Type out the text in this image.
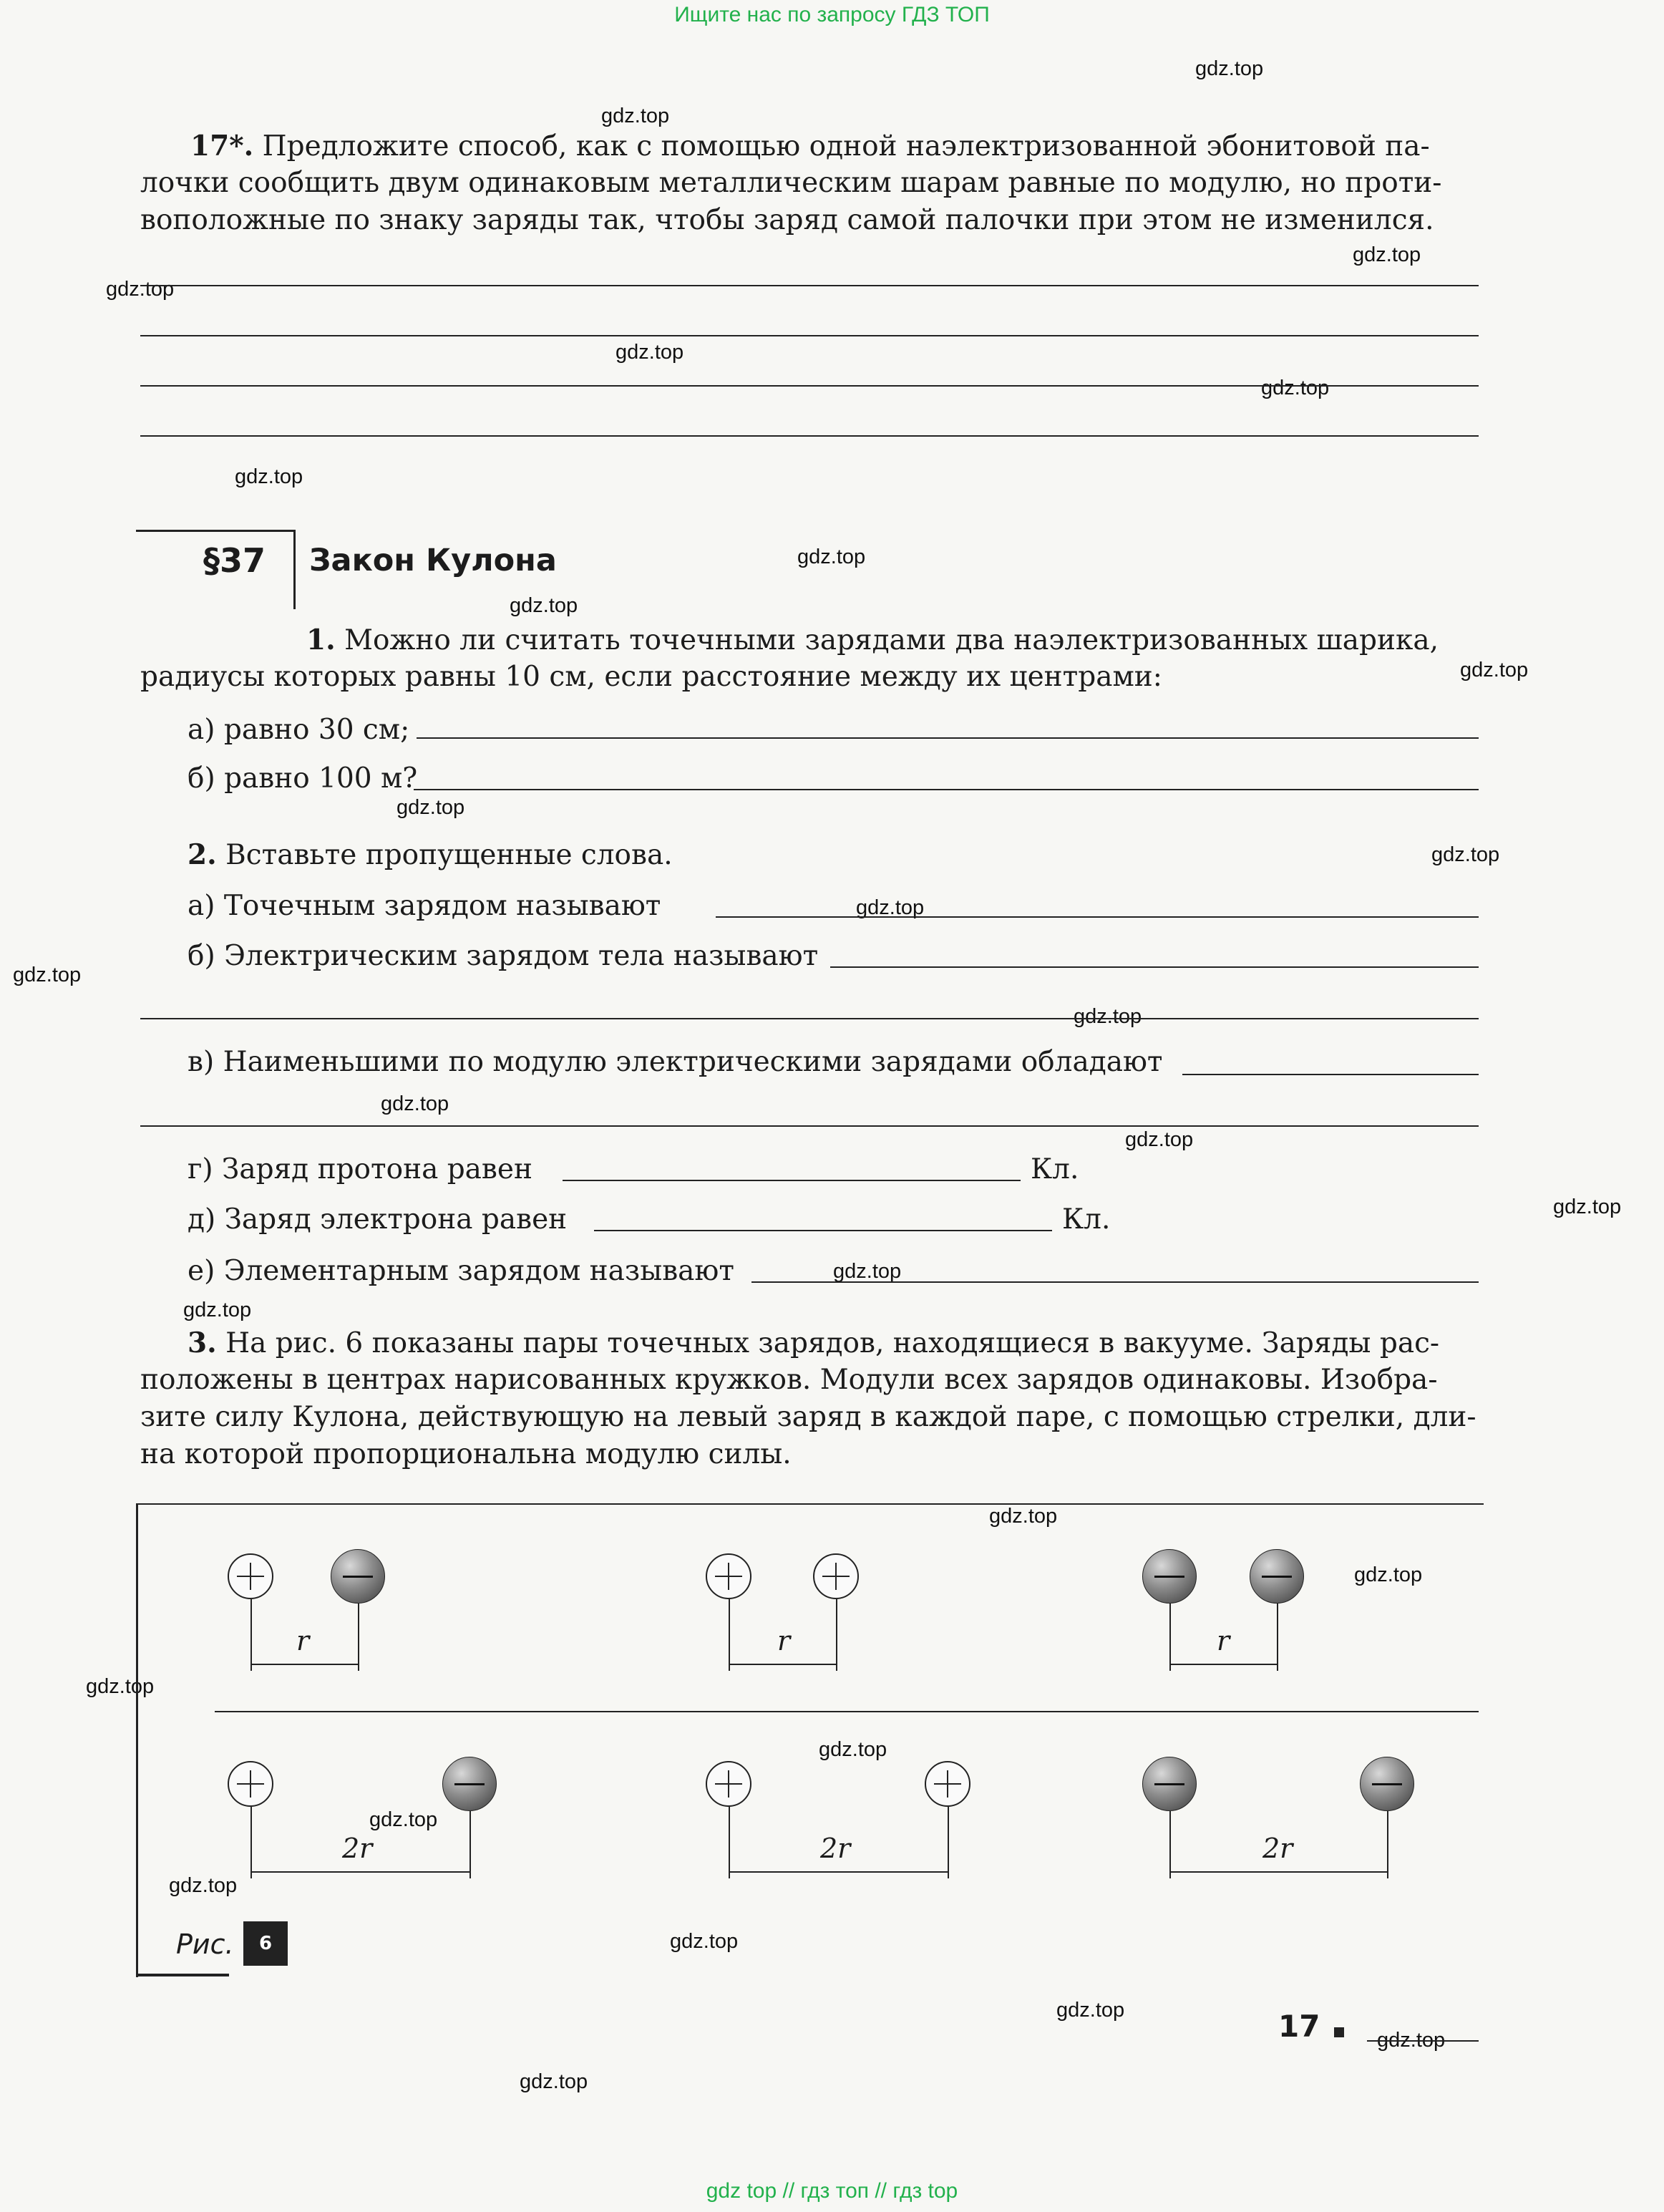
Ищите нас по запросу ГДЗ ТОП
gdz top // гдз топ // гдз top
gdz.top
gdz.top
gdz.top
gdz.top
gdz.top
gdz.top
gdz.top
gdz.top
gdz.top
gdz.top
gdz.top
gdz.top
gdz.top
gdz.top
gdz.top
gdz.top
gdz.top
gdz.top
gdz.top
gdz.top
gdz.top
gdz.top
gdz.top
gdz.top
gdz.top
gdz.top
gdz.top
gdz.top
gdz.top
gdz.top
17*. Предложите способ, как с помощью одной наэлектризованной эбонитовой па-
лочки сообщить двум одинаковым металлическим шарам равные по модулю, но проти-
воположные по знаку заряды так, чтобы заряд самой палочки при этом не изменился.
§37 Закон Кулона
1. Можно ли считать точечными зарядами два наэлектризованных шарика,
радиусы которых равны 10 см, если расстояние между их центрами:
а) равно 30 см;
б) равно 100 м?
2. Вставьте пропущенные слова.
а) Точечным зарядом называют
б) Электрическим зарядом тела называют
в) Наименьшими по модулю электрическими зарядами обладают
г) Заряд протона равен	Кл.
д) Заряд электрона равен	Кл.
е) Элементарным зарядом называют
3. На рис. 6 показаны пары точечных зарядов, находящиеся в вакууме. Заряды рас-
положены в центрах нарисованных кружков. Модули всех зарядов одинаковы. Изобра-
зите силу Кулона, действующую на левый заряд в каждой паре, с помощью стрелки, дли-
на которой пропорциональна модулю силы.
r	r	r
2r	2r	2r
Рис.	6
17
